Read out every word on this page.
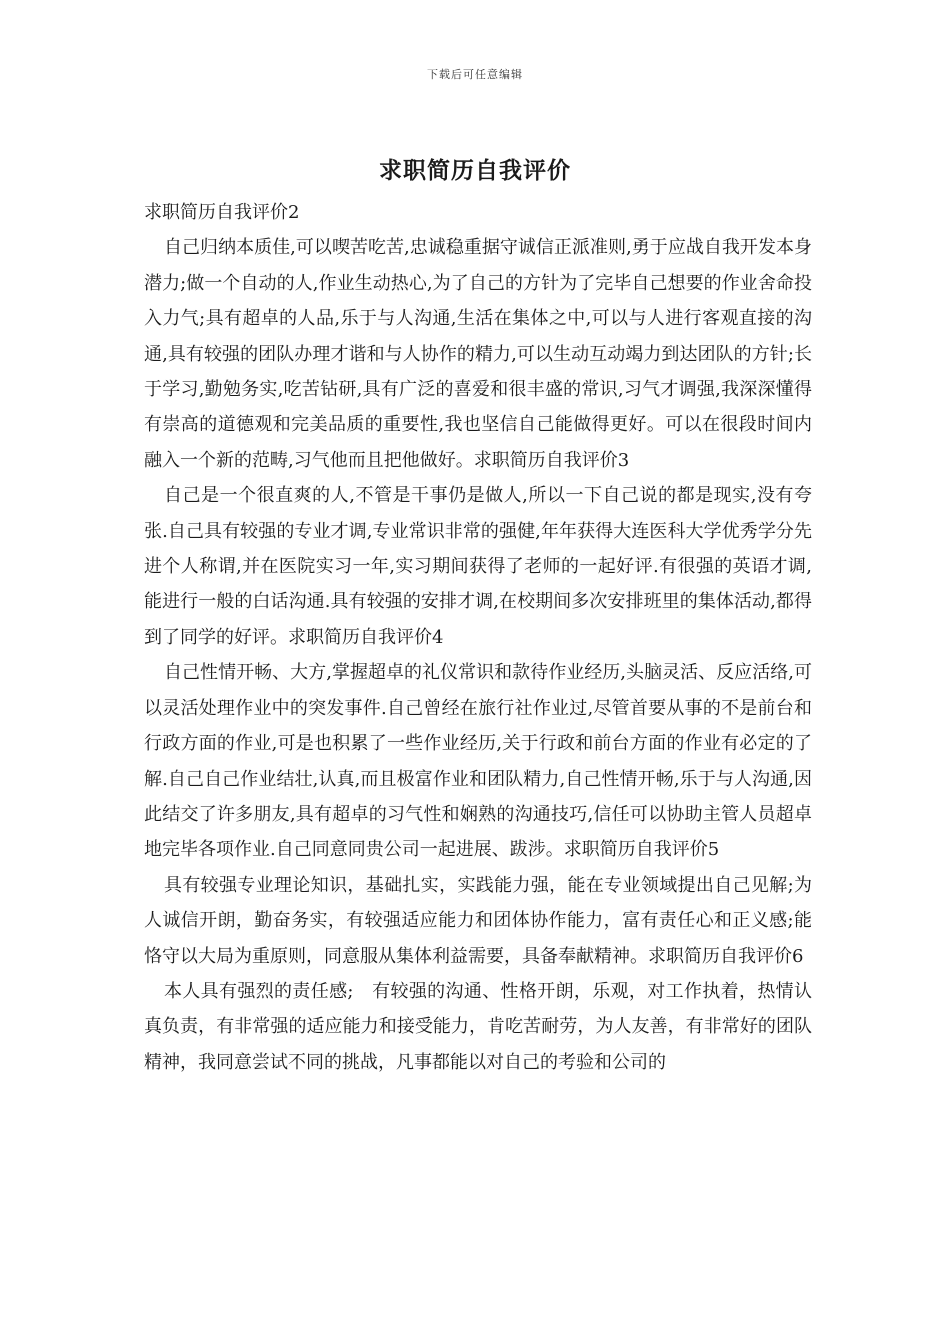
下载后可任意编辑
求职简历自我评价

求职简历自我评价2

自己归纳本质佳,可以喫苦吃苦,忠诚稳重据守诚信正派准则,勇于应战自我开发本身潜力;做一个自动的人,作业生动热心,为了自己的方针为了完毕自己想要的作业舍命投入力气;具有超卓的人品,乐于与人沟通,生活在集体之中,可以与人进行客观直接的沟通,具有较强的团队办理才谐和与人协作的精力,可以生动互动竭力到达团队的方针;长于学习,勤勉务实,吃苦钻研,具有广泛的喜爱和很丰盛的常识,习气才调强,我深深懂得有崇高的道德观和完美品质的重要性,我也坚信自己能做得更好。可以在很段时间内融入一个新的范畴,习气他而且把他做好。求职简历自我评价3

自己是一个很直爽的人,不管是干事仍是做人,所以一下自己说的都是现实,没有夸张.自己具有较强的专业才调,专业常识非常的强健,年年获得大连医科大学优秀学分先进个人称谓,并在医院实习一年,实习期间获得了老师的一起好评.有很强的英语才调,能进行一般的白话沟通.具有较强的安排才调,在校期间多次安排班里的集体活动,都得到了同学的好评。求职简历自我评价4

自己性情开畅、大方,掌握超卓的礼仪常识和款待作业经历,头脑灵活、反应活络,可以灵活处理作业中的突发事件.自己曾经在旅行社作业过,尽管首要从事的不是前台和行政方面的作业,可是也积累了一些作业经历,关于行政和前台方面的作业有必定的了解.自己自己作业结壮,认真,而且极富作业和团队精力,自己性情开畅,乐于与人沟通,因此结交了许多朋友,具有超卓的习气性和娴熟的沟通技巧,信任可以协助主管人员超卓地完毕各项作业.自己同意同贵公司一起进展、跋涉。求职简历自我评价5

具有较强专业理论知识，基础扎实，实践能力强，能在专业领域提出自己见解;为人诚信开朗，勤奋务实，有较强适应能力和团体协作能力，富有责任心和正义感;能恪守以大局为重原则，同意服从集体利益需要，具备奉献精神。求职简历自我评价6

本人具有强烈的责任感;　有较强的沟通、性格开朗，乐观，对工作执着，热情认真负责，有非常强的适应能力和接受能力，肯吃苦耐劳，为人友善，有非常好的团队精神，我同意尝试不同的挑战，凡事都能以对自己的考验和公司的
